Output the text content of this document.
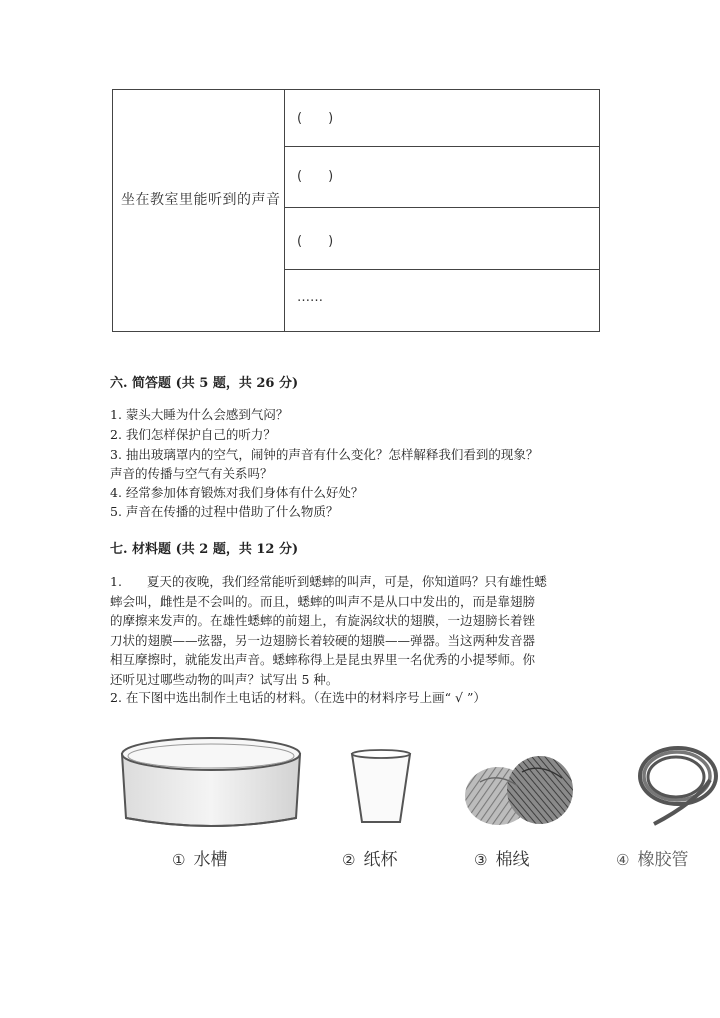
坐在教室里能听到的声音
(　　)
(　　)
(　　)
……
六. 简答题 (共 5 题，共 26 分)
1. 蒙头大睡为什么会感到气闷？
2. 我们怎样保护自己的听力？
3. 抽出玻璃罩内的空气，闹钟的声音有什么变化？怎样解释我们看到的现象？
声音的传播与空气有关系吗？
4. 经常参加体育锻炼对我们身体有什么好处？
5. 声音在传播的过程中借助了什么物质？
七. 材料题 (共 2 题，共 12 分)
1.　　夏天的夜晚，我们经常能听到蟋蟀的叫声，可是，你知道吗？只有雄性蟋
蟀会叫，雌性是不会叫的。而且，蟋蟀的叫声不是从口中发出的，而是靠翅膀
的摩擦来发声的。在雄性蟋蟀的前翅上，有旋涡纹状的翅膜，一边翅膀长着锉
刀状的翅膜——弦器，另一边翅膀长着较硬的翅膜——弹器。当这两种发音器
相互摩擦时，就能发出声音。蟋蟀称得上是昆虫界里一名优秀的小提琴师。你
还听见过哪些动物的叫声？试写出 5 种。
2. 在下图中选出制作土电话的材料。（在选中的材料序号上画“ √ ”）
① 水槽	② 纸杯	③ 棉线	④ 橡胶管
